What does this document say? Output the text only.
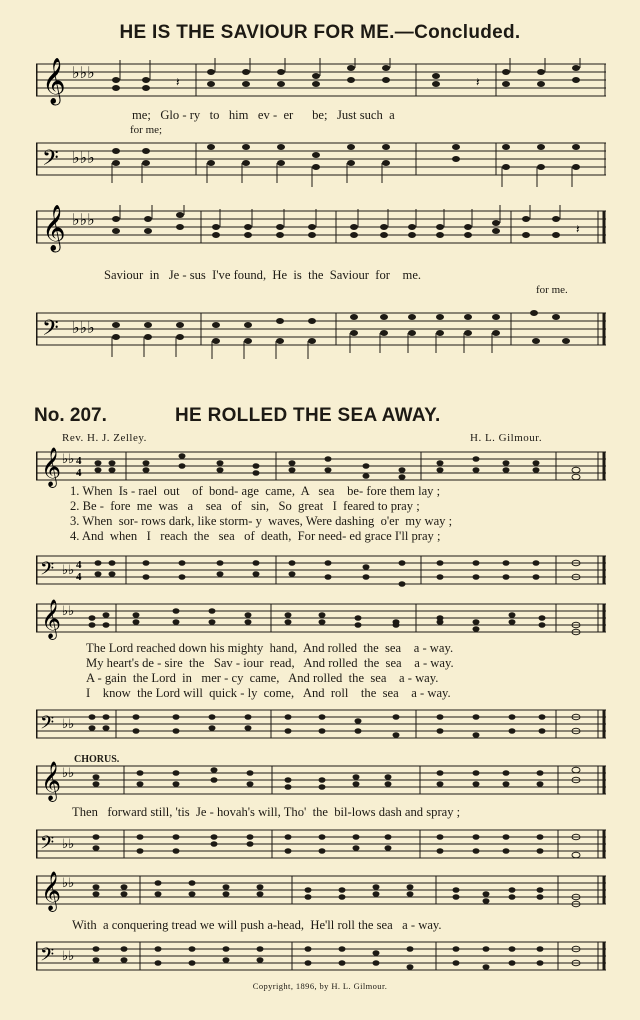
HE IS THE SAVIOUR FOR ME.—Concluded.
𝄞 ♭♭♭	𝄽	𝄽
me;   Glo - ry   to   him   ev -  er      be;   Just such  a
for me;
𝄢 ♭♭♭
𝄞 ♭♭♭	𝄽
Saviour  in   Je - sus  I've found,  He  is  the  Saviour  for    me.
for me.
𝄢 ♭♭♭
No. 207.	HE ROLLED THE SEA AWAY.
Rev. H. J. Zelley.	H. L. Gilmour.
𝄞 ♭♭ 4
4
1. When  Is - rael  out    of  bond- age  came,  A   sea    be- fore them lay ;
2. Be -  fore  me  was   a    sea   of   sin,   So  great   I  feared to pray ;
3. When  sor- rows dark, like storm- y  waves, Were dashing  o'er  my way ;
4. And  when   I   reach  the   sea   of  death,  For need- ed grace I'll pray ;
𝄢 ♭♭ 4
4
𝄞 ♭♭
The Lord reached down his mighty  hand,  And rolled  the  sea    a - way.
My heart's de - sire  the   Sav - iour  read,   And rolled  the  sea    a - way.
A - gain  the Lord  in   mer - cy  came,   And rolled  the  sea    a - way.
I    know  the Lord will  quick - ly  come,   And  roll    the  sea    a - way.
𝄢 ♭♭
CHORUS.
𝄞 ♭♭
Then   forward still, 'tis  Je - hovah's will, Tho'  the  bil-lows dash and spray ;
𝄢 ♭♭
𝄞 ♭♭
With  a conquering tread we will push a-head,  He'll roll the sea   a - way.
𝄢 ♭♭
Copyright, 1896, by H. L. Gilmour.
